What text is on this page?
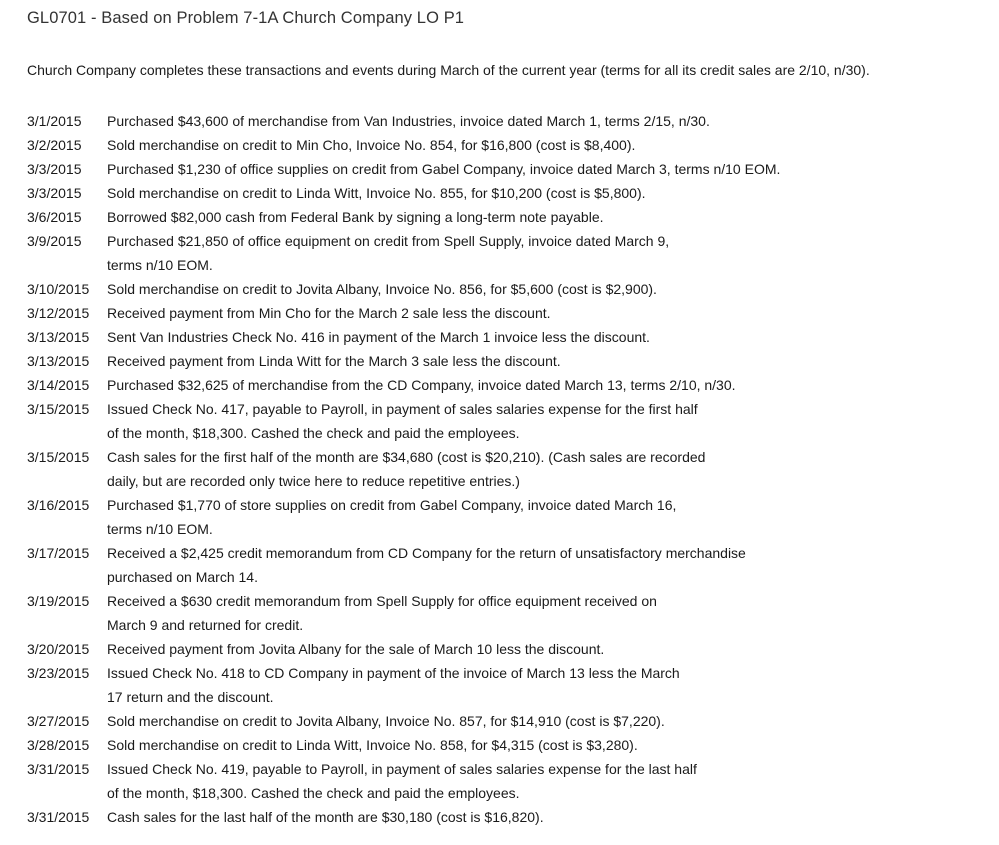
GL0701 - Based on Problem 7-1A Church Company LO P1
Church Company completes these transactions and events during March of the current year (terms for all its credit sales are 2/10, n/30).
3/1/2015	Purchased $43,600 of merchandise from Van Industries, invoice dated March 1, terms 2/15, n/30.
3/2/2015	Sold merchandise on credit to Min Cho, Invoice No. 854, for $16,800 (cost is $8,400).
3/3/2015	Purchased $1,230 of office supplies on credit from Gabel Company, invoice dated March 3, terms n/10 EOM.
3/3/2015	Sold merchandise on credit to Linda Witt, Invoice No. 855, for $10,200 (cost is $5,800).
3/6/2015	Borrowed $82,000 cash from Federal Bank by signing a long-term note payable.
3/9/2015	Purchased $21,850 of office equipment on credit from Spell Supply, invoice dated March 9,
terms n/10 EOM.
3/10/2015	Sold merchandise on credit to Jovita Albany, Invoice No. 856, for $5,600 (cost is $2,900).
3/12/2015	Received payment from Min Cho for the March 2 sale less the discount.
3/13/2015	Sent Van Industries Check No. 416 in payment of the March 1 invoice less the discount.
3/13/2015	Received payment from Linda Witt for the March 3 sale less the discount.
3/14/2015	Purchased $32,625 of merchandise from the CD Company, invoice dated March 13, terms 2/10, n/30.
3/15/2015	Issued Check No. 417, payable to Payroll, in payment of sales salaries expense for the first half
of the month, $18,300. Cashed the check and paid the employees.
3/15/2015	Cash sales for the first half of the month are $34,680 (cost is $20,210). (Cash sales are recorded
daily, but are recorded only twice here to reduce repetitive entries.)
3/16/2015	Purchased $1,770 of store supplies on credit from Gabel Company, invoice dated March 16,
terms n/10 EOM.
3/17/2015	Received a $2,425 credit memorandum from CD Company for the return of unsatisfactory merchandise
purchased on March 14.
3/19/2015	Received a $630 credit memorandum from Spell Supply for office equipment received on
March 9 and returned for credit.
3/20/2015	Received payment from Jovita Albany for the sale of March 10 less the discount.
3/23/2015	Issued Check No. 418 to CD Company in payment of the invoice of March 13 less the March
17 return and the discount.
3/27/2015	Sold merchandise on credit to Jovita Albany, Invoice No. 857, for $14,910 (cost is $7,220).
3/28/2015	Sold merchandise on credit to Linda Witt, Invoice No. 858, for $4,315 (cost is $3,280).
3/31/2015	Issued Check No. 419, payable to Payroll, in payment of sales salaries expense for the last half
of the month, $18,300. Cashed the check and paid the employees.
3/31/2015	Cash sales for the last half of the month are $30,180 (cost is $16,820).
